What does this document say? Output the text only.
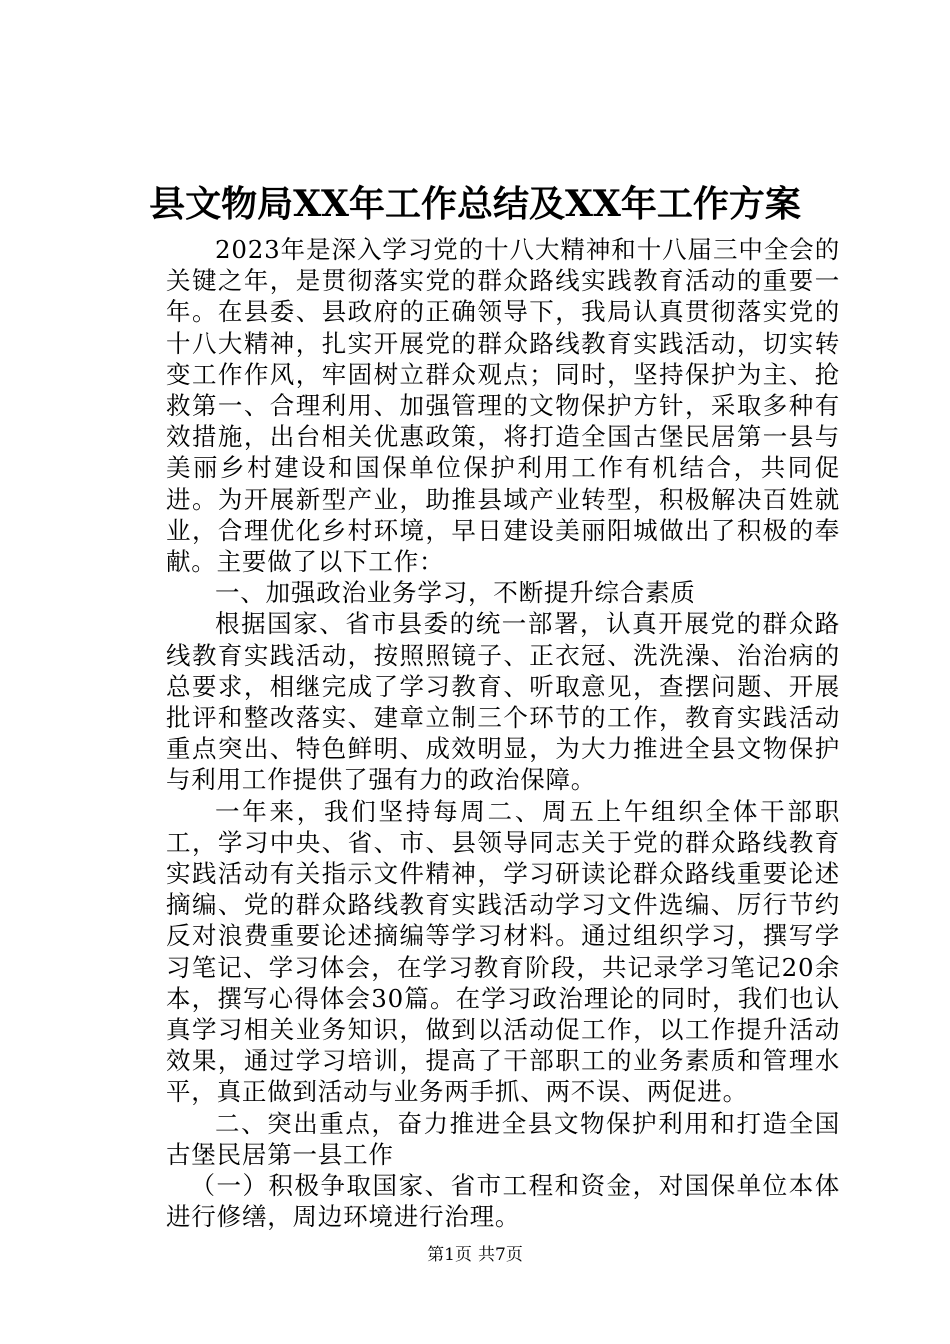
县文物局XX年工作总结及XX年工作方案

2023年是深入学习党的十八大精神和十八届三中全会的关键之年，是贯彻落实党的群众路线实践教育活动的重要一年。在县委、县政府的正确领导下，我局认真贯彻落实党的十八大精神，扎实开展党的群众路线教育实践活动，切实转变工作作风，牢固树立群众观点；同时，坚持保护为主、抢救第一、合理利用、加强管理的文物保护方针，采取多种有效措施，出台相关优惠政策，将打造全国古堡民居第一县与美丽乡村建设和国保单位保护利用工作有机结合，共同促进。为开展新型产业，助推县域产业转型，积极解决百姓就业，合理优化乡村环境，早日建设美丽阳城做出了积极的奉献。主要做了以下工作：

一、加强政治业务学习，不断提升综合素质

根据国家、省市县委的统一部署，认真开展党的群众路线教育实践活动，按照照镜子、正衣冠、洗洗澡、治治病的总要求，相继完成了学习教育、听取意见，查摆问题、开展批评和整改落实、建章立制三个环节的工作，教育实践活动重点突出、特色鲜明、成效明显，为大力推进全县文物保护与利用工作提供了强有力的政治保障。

一年来，我们坚持每周二、周五上午组织全体干部职工，学习中央、省、市、县领导同志关于党的群众路线教育实践活动有关指示文件精神，学习研读论群众路线重要论述摘编、党的群众路线教育实践活动学习文件选编、厉行节约反对浪费重要论述摘编等学习材料。通过组织学习，撰写学习笔记、学习体会，在学习教育阶段，共记录学习笔记20余本，撰写心得体会30篇。在学习政治理论的同时，我们也认真学习相关业务知识，做到以活动促工作，以工作提升活动效果，通过学习培训，提高了干部职工的业务素质和管理水平，真正做到活动与业务两手抓、两不误、两促进。

二、突出重点，奋力推进全县文物保护利用和打造全国古堡民居第一县工作

（一）积极争取国家、省市工程和资金，对国保单位本体进行修缮，周边环境进行治理。

第1页 共7页
